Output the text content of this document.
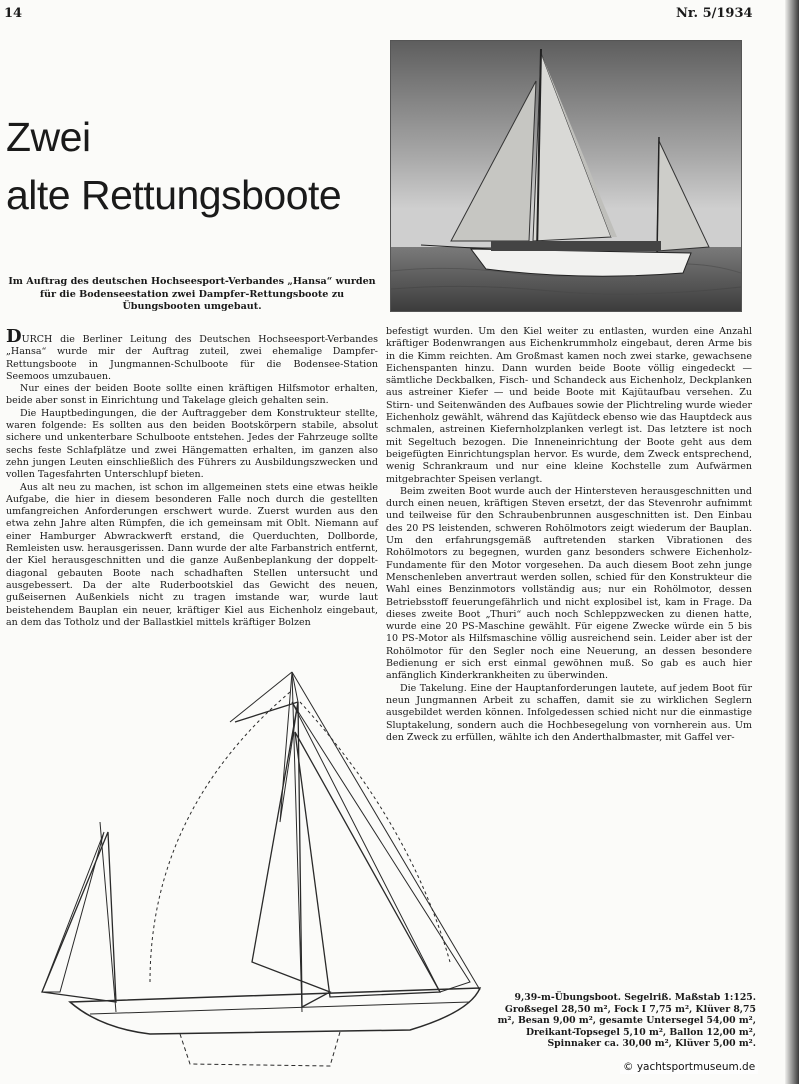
14	Nr. 5/1934
Zwei
alte Rettungsboote

Im Auftrag des deutschen Hochseesport-Verbandes „Hansa“ wurden für die Bodenseestation zwei Dampfer-Rettungsboote zu Übungsbooten umgebaut.

DURCH die Berliner Leitung des Deutschen Hochseesport-Verbandes „Hansa“ wurde mir der Auftrag zuteil, zwei ehemalige Dampfer-Rettungsboote in Jungmannen-Schulboote für die Bodensee-Station Seemoos umzubauen.

Nur eines der beiden Boote sollte einen kräftigen Hilfsmotor erhalten, beide aber sonst in Einrichtung und Takelage gleich gehalten sein.

Die Hauptbedingungen, die der Auftraggeber dem Konstrukteur stellte, waren folgende: Es sollten aus den beiden Bootskörpern stabile, absolut sichere und unkenterbare Schulboote entstehen. Jedes der Fahrzeuge sollte sechs feste Schlafplätze und zwei Hängematten erhalten, im ganzen also zehn jungen Leuten einschließlich des Führers zu Ausbildungszwecken und vollen Tagesfahrten Unterschlupf bieten.

Aus alt neu zu machen, ist schon im allgemeinen stets eine etwas heikle Aufgabe, die hier in diesem besonderen Falle noch durch die gestellten umfangreichen Anforderungen erschwert wurde. Zuerst wurden aus den etwa zehn Jahre alten Rümpfen, die ich gemeinsam mit Oblt. Niemann auf einer Hamburger Abwrackwerft erstand, die Querduchten, Dollborde, Remleisten usw. herausgerissen. Dann wurde der alte Farbanstrich entfernt, der Kiel herausgeschnitten und die ganze Außenbeplankung der doppelt-diagonal gebauten Boote nach schadhaften Stellen untersucht und ausgebessert. Da der alte Ruderbootskiel das Gewicht des neuen, gußeisernen Außenkiels nicht zu tragen imstande war, wurde laut beistehendem Bauplan ein neuer, kräftiger Kiel aus Eichenholz eingebaut, an dem das Totholz und der Ballastkiel mittels kräftiger Bolzen

befestigt wurden. Um den Kiel weiter zu entlasten, wurden eine Anzahl kräftiger Bodenwrangen aus Eichenkrummholz eingebaut, deren Arme bis in die Kimm reichten. Am Großmast kamen noch zwei starke, gewachsene Eichenspanten hinzu. Dann wurden beide Boote völlig eingedeckt — sämtliche Deckbalken, Fisch- und Schandeck aus Eichenholz, Deckplanken aus astreiner Kiefer — und beide Boote mit Kajütaufbau versehen. Zu Stirn- und Seitenwänden des Aufbaues sowie der Plichtreling wurde wieder Eichenholz gewählt, während das Kajütdeck ebenso wie das Hauptdeck aus schmalen, astreinen Kiefernholzplanken verlegt ist. Das letztere ist noch mit Segeltuch bezogen. Die Inneneinrichtung der Boote geht aus dem beigefügten Einrichtungsplan hervor. Es wurde, dem Zweck entsprechend, wenig Schrankraum und nur eine kleine Kochstelle zum Aufwärmen mitgebrachter Speisen verlangt.

Beim zweiten Boot wurde auch der Hintersteven herausgeschnitten und durch einen neuen, kräftigen Steven ersetzt, der das Stevenrohr aufnimmt und teilweise für den Schraubenbrunnen ausgeschnitten ist. Den Einbau des 20 PS leistenden, schweren Rohölmotors zeigt wiederum der Bauplan. Um den erfahrungsgemäß auftretenden starken Vibrationen des Rohölmotors zu begegnen, wurden ganz besonders schwere Eichenholz-Fundamente für den Motor vorgesehen. Da auch diesem Boot zehn junge Menschenleben anvertraut werden sollen, schied für den Konstrukteur die Wahl eines Benzinmotors vollständig aus; nur ein Rohölmotor, dessen Betriebsstoff feuerungefährlich und nicht explosibel ist, kam in Frage. Da dieses zweite Boot „Thuri“ auch noch Schleppzwecken zu dienen hatte, wurde eine 20 PS-Maschine gewählt. Für eigene Zwecke würde ein 5 bis 10 PS-Motor als Hilfsmaschine völlig ausreichend sein. Leider aber ist der Rohölmotor für den Segler noch eine Neuerung, an dessen besondere Bedienung er sich erst einmal gewöhnen muß. So gab es auch hier anfänglich Kinderkrankheiten zu überwinden.

Die Takelung. Eine der Hauptanforderungen lautete, auf jedem Boot für neun Jungmannen Arbeit zu schaffen, damit sie zu wirklichen Seglern ausgebildet werden können. Infolgedessen schied nicht nur die einmastige Sluptakelung, sondern auch die Hochbesegelung von vornherein aus. Um den Zweck zu erfüllen, wählte ich den Anderthalbmaster, mit Gaffel ver-

9,39-m-Übungsboot. Segelriß. Maßstab 1:125.
Großsegel 28,50 m², Fock I 7,75 m², Klüver 8,75 m², Besan 9,00 m², gesamte Untersegel 54,00 m², Dreikant-Topsegel 5,10 m², Ballon 12,00 m², Spinnaker ca. 30,00 m², Klüver 5,00 m².
© yachtsportmuseum.de
